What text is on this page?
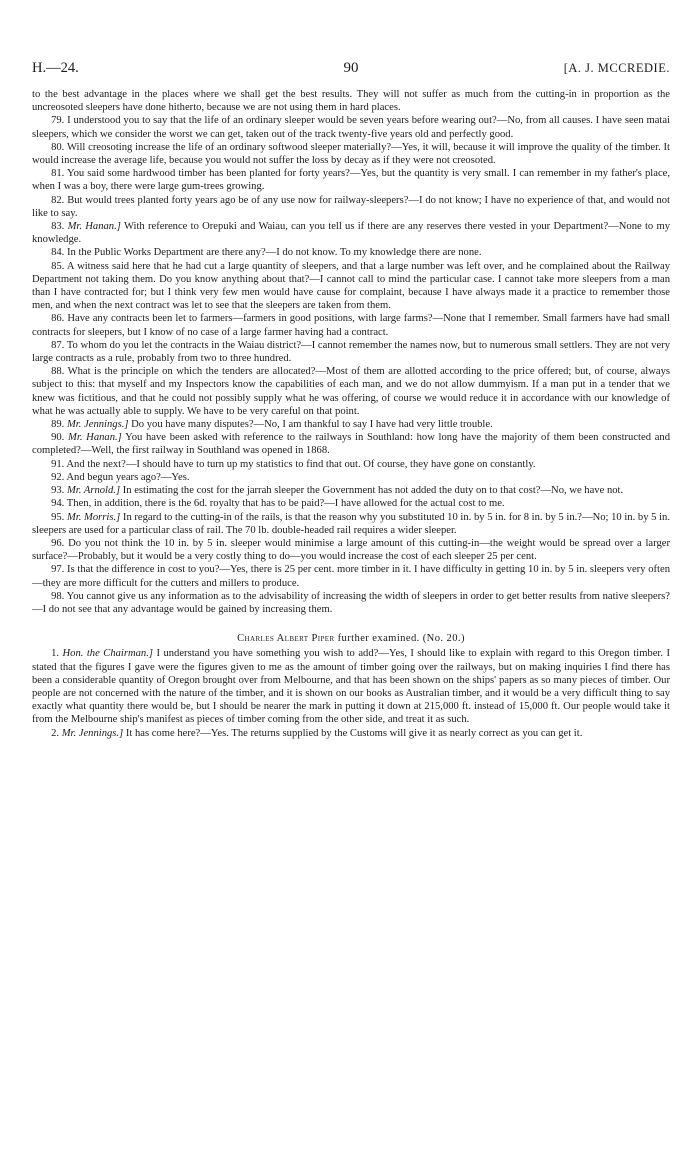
H.—24.	90	[A. J. MCCREDIE.

to the best advantage in the places where we shall get the best results. They will not suffer as much from the cutting-in in proportion as the uncreosoted sleepers have done hitherto, because we are not using them in hard places.

79. I understood you to say that the life of an ordinary sleeper would be seven years before wearing out?—No, from all causes. I have seen matai sleepers, which we consider the worst we can get, taken out of the track twenty-five years old and perfectly good.

80. Will creosoting increase the life of an ordinary softwood sleeper materially?—Yes, it will, because it will improve the quality of the timber. It would increase the average life, because you would not suffer the loss by decay as if they were not creosoted.

81. You said some hardwood timber has been planted for forty years?—Yes, but the quantity is very small. I can remember in my father's place, when I was a boy, there were large gum-trees growing.

82. But would trees planted forty years ago be of any use now for railway-sleepers?—I do not know; I have no experience of that, and would not like to say.

83. Mr. Hanan.] With reference to Orepuki and Waiau, can you tell us if there are any reserves there vested in your Department?—None to my knowledge.

84. In the Public Works Department are there any?—I do not know. To my knowledge there are none.

85. A witness said here that he had cut a large quantity of sleepers, and that a large number was left over, and he complained about the Railway Department not taking them. Do you know anything about that?—I cannot call to mind the particular case. I cannot take more sleepers from a man than I have contracted for; but I think very few men would have cause for complaint, because I have always made it a practice to remember those men, and when the next contract was let to see that the sleepers are taken from them.

86. Have any contracts been let to farmers—farmers in good positions, with large farms?—None that I remember. Small farmers have had small contracts for sleepers, but I know of no case of a large farmer having had a contract.

87. To whom do you let the contracts in the Waiau district?—I cannot remember the names now, but to numerous small settlers. They are not very large contracts as a rule, probably from two to three hundred.

88. What is the principle on which the tenders are allocated?—Most of them are allotted according to the price offered; but, of course, always subject to this: that myself and my Inspectors know the capabilities of each man, and we do not allow dummyism. If a man put in a tender that we knew was fictitious, and that he could not possibly supply what he was offering, of course we would reduce it in accordance with our knowledge of what he was actually able to supply. We have to be very careful on that point.

89. Mr. Jennings.] Do you have many disputes?—No, I am thankful to say I have had very little trouble.

90. Mr. Hanan.] You have been asked with reference to the railways in Southland: how long have the majority of them been constructed and completed?—Well, the first railway in Southland was opened in 1868.

91. And the next?—I should have to turn up my statistics to find that out. Of course, they have gone on constantly.

92. And begun years ago?—Yes.

93. Mr. Arnold.] In estimating the cost for the jarrah sleeper the Government has not added the duty on to that cost?—No, we have not.

94. Then, in addition, there is the 6d. royalty that has to be paid?—I have allowed for the actual cost to me.

95. Mr. Morris.] In regard to the cutting-in of the rails, is that the reason why you substituted 10 in. by 5 in. for 8 in. by 5 in.?—No; 10 in. by 5 in. sleepers are used for a particular class of rail. The 70 lb. double-headed rail requires a wider sleeper.

96. Do you not think the 10 in. by 5 in. sleeper would minimise a large amount of this cutting-in—the weight would be spread over a larger surface?—Probably, but it would be a very costly thing to do—you would increase the cost of each sleeper 25 per cent.

97. Is that the difference in cost to you?—Yes, there is 25 per cent. more timber in it. I have difficulty in getting 10 in. by 5 in. sleepers very often—they are more difficult for the cutters and millers to produce.

98. You cannot give us any information as to the advisability of increasing the width of sleepers in order to get better results from native sleepers?—I do not see that any advantage would be gained by increasing them.

Charles Albert Piper further examined. (No. 20.)

1. Hon. the Chairman.] I understand you have something you wish to add?—Yes, I should like to explain with regard to this Oregon timber. I stated that the figures I gave were the figures given to me as the amount of timber going over the railways, but on making inquiries I find there has been a considerable quantity of Oregon brought over from Melbourne, and that has been shown on the ships' papers as so many pieces of timber. Our people are not concerned with the nature of the timber, and it is shown on our books as Australian timber, and it would be a very difficult thing to say exactly what quantity there would be, but I should be nearer the mark in putting it down at 215,000 ft. instead of 15,000 ft. Our people would take it from the Melbourne ship's manifest as pieces of timber coming from the other side, and treat it as such.

2. Mr. Jennings.] It has come here?—Yes. The returns supplied by the Customs will give it as nearly correct as you can get it.
